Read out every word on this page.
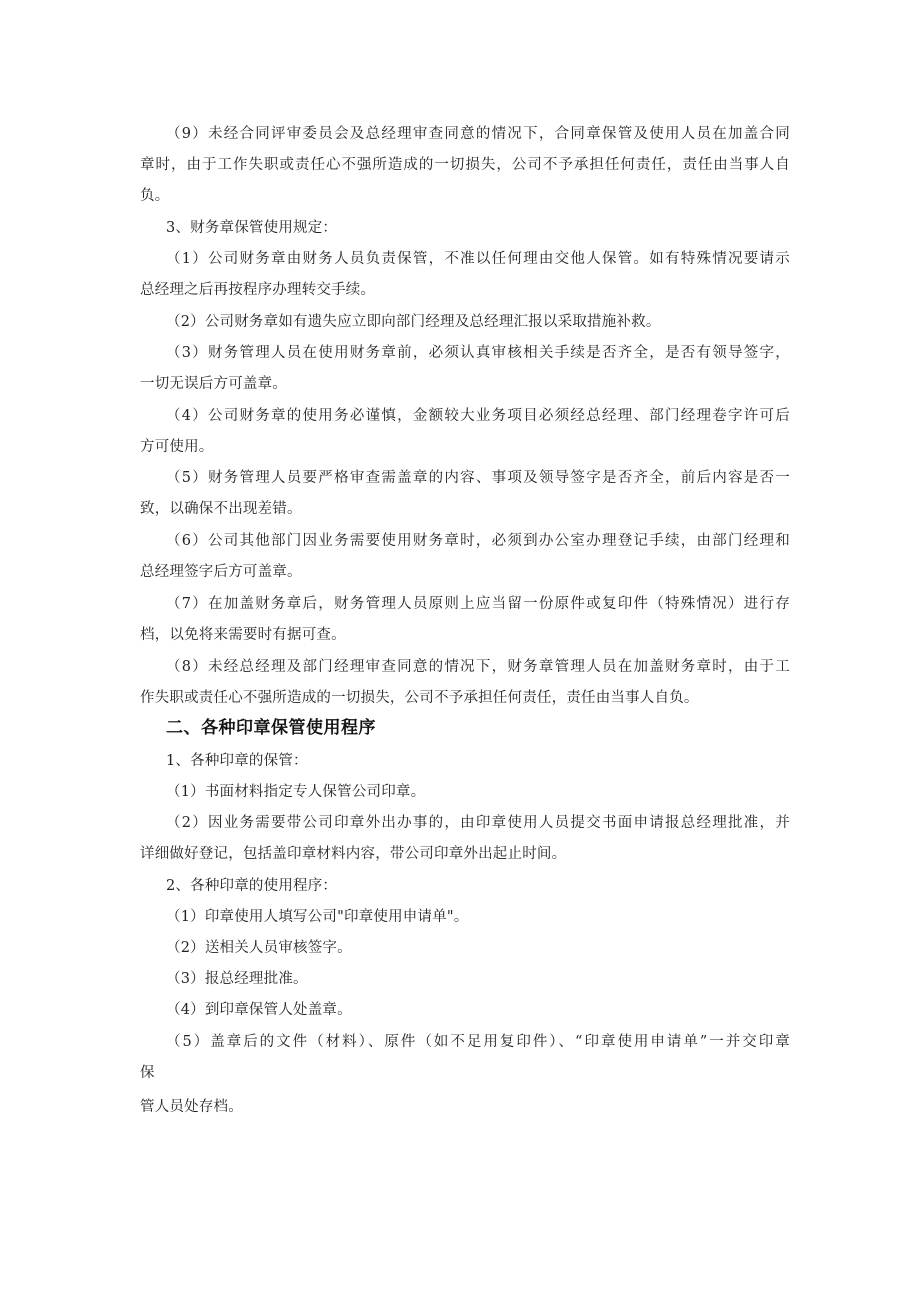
（9）未经合同评审委员会及总经理审查同意的情况下，合同章保管及使用人员在加盖合同
章时，由于工作失职或责任心不强所造成的一切损失，公司不予承担任何责任，责任由当事人自
负。
3、财务章保管使用规定：
（1）公司财务章由财务人员负责保管，不准以任何理由交他人保管。如有特殊情况要请示
总经理之后再按程序办理转交手续。
（2）公司财务章如有遗失应立即向部门经理及总经理汇报以采取措施补救。
（3）财务管理人员在使用财务章前，必须认真审核相关手续是否齐全，是否有领导签字，
一切无误后方可盖章。
（4）公司财务章的使用务必谨慎，金额较大业务项目必须经总经理、部门经理卷字许可后
方可使用。
（5）财务管理人员要严格审查需盖章的内容、事项及领导签字是否齐全，前后内容是否一
致，以确保不出现差错。
（6）公司其他部门因业务需要使用财务章时，必须到办公室办理登记手续，由部门经理和
总经理签字后方可盖章。
（7）在加盖财务章后，财务管理人员原则上应当留一份原件或复印件（特殊情况）进行存
档，以免将来需要时有据可查。
（8）未经总经理及部门经理审查同意的情况下，财务章管理人员在加盖财务章时，由于工
作失职或责任心不强所造成的一切损失，公司不予承担任何责任，责任由当事人自负。
二、各种印章保管使用程序
1、各种印章的保管：
（1）书面材料指定专人保管公司印章。
（2）因业务需要带公司印章外出办事的，由印章使用人员提交书面申请报总经理批准，并
详细做好登记，包括盖印章材料内容，带公司印章外出起止时间。
2、各种印章的使用程序：
（1）印章使用人填写公司"印章使用申请单"。
（2）送相关人员审核签字。
（3）报总经理批准。
（4）到印章保管人处盖章。
（5）盖章后的文件（材料）、原件（如不足用复印件）、“印章使用申请单”一并交印章
保
管人员处存档。
